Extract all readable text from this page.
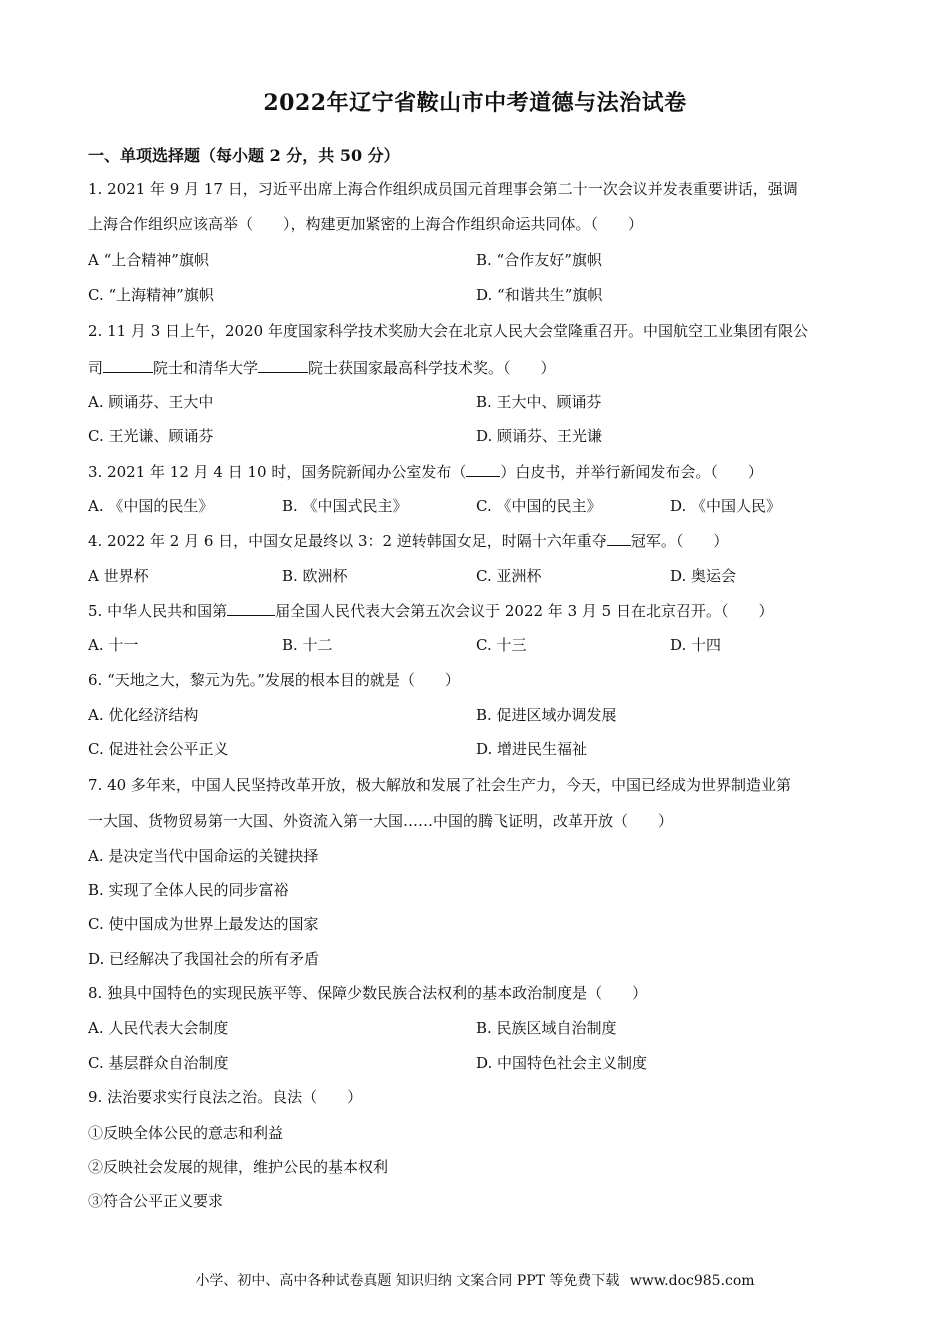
2022年辽宁省鞍山市中考道德与法治试卷
一、单项选择题（每小题 2 分，共 50 分）
1. 2021 年 9 月 17 日，习近平出席上海合作组织成员国元首理事会第二十一次会议并发表重要讲话，强调
上海合作组织应该高举（　　），构建更加紧密的上海合作组织命运共同体。（　　）
A “上合精神”旗帜	B. “合作友好”旗帜
C. “上海精神”旗帜	D. “和谐共生”旗帜
2. 11 月 3 日上午，2020 年度国家科学技术奖励大会在北京人民大会堂隆重召开。中国航空工业集团有限公
司	院士和清华大学	院士获国家最高科学技术奖。（　　）
A. 顾诵芬、王大中	B. 王大中、顾诵芬
C. 王光谦、顾诵芬	D. 顾诵芬、王光谦
3. 2021 年 12 月 4 日 10 时，国务院新闻办公室发布（ ）白皮书，并举行新闻发布会。（　　）
A. 《中国的民生》	B. 《中国式民主》	C. 《中国的民主》	D. 《中国人民》
4. 2022 年 2 月 6 日，中国女足最终以 3：2 逆转韩国女足，时隔十六年重夺 冠军。（　　）
A 世界杯	B. 欧洲杯	C. 亚洲杯	D. 奥运会
5. 中华人民共和国第	届全国人民代表大会第五次会议于 2022 年 3 月 5 日在北京召开。（　　）
A. 十一	B. 十二	C. 十三	D. 十四
6. “天地之大，黎元为先。”发展的根本目的就是（　　）
A. 优化经济结构	B. 促进区域办调发展
C. 促进社会公平正义	D. 增进民生福祉
7. 40 多年来，中国人民坚持改革开放，极大解放和发展了社会生产力，今天，中国已经成为世界制造业第
一大国、货物贸易第一大国、外资流入第一大国……中国的腾飞证明，改革开放（　　）
A. 是决定当代中国命运的关键抉择
B. 实现了全体人民的同步富裕
C. 使中国成为世界上最发达的国家
D. 已经解决了我国社会的所有矛盾
8. 独具中国特色的实现民族平等、保障少数民族合法权利的基本政治制度是（　　）
A. 人民代表大会制度	B. 民族区域自治制度
C. 基层群众自治制度	D. 中国特色社会主义制度
9. 法治要求实行良法之治。良法（　　）
①反映全体公民的意志和利益
②反映社会发展的规律，维护公民的基本权利
③符合公平正义要求
小学、初中、高中各种试卷真题 知识归纳 文案合同 PPT 等免费下载 www.doc985.com
